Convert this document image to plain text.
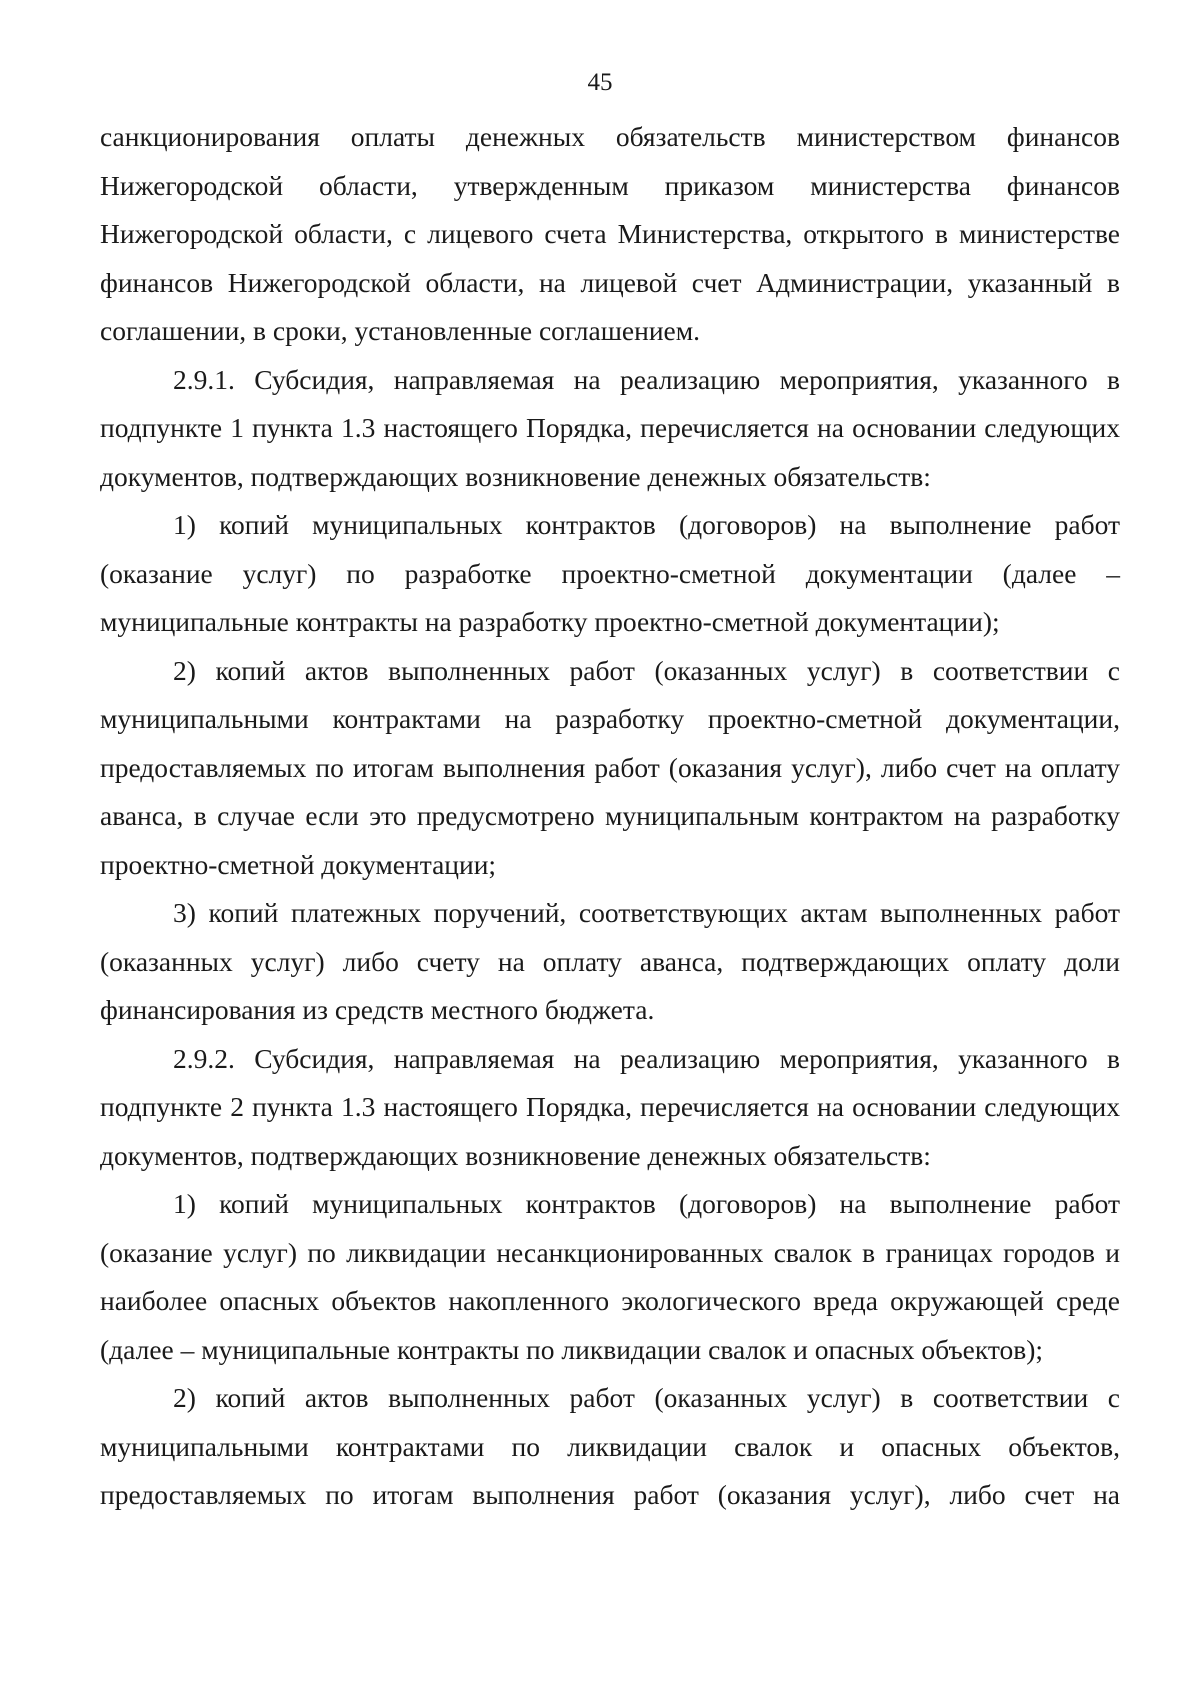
45

санкционирования оплаты денежных обязательств министерством финансов Нижегородской области, утвержденным приказом министерства финансов Нижегородской области, с лицевого счета Министерства, открытого в министерстве финансов Нижегородской области, на лицевой счет Администрации, указанный в соглашении, в сроки, установленные соглашением.

2.9.1. Субсидия, направляемая на реализацию мероприятия, указанного в подпункте 1 пункта 1.3 настоящего Порядка, перечисляется на основании следующих документов, подтверждающих возникновение денежных обязательств:

1) копий муниципальных контрактов (договоров) на выполнение работ (оказание услуг) по разработке проектно-сметной документации (далее – муниципальные контракты на разработку проектно-сметной документации);

2) копий актов выполненных работ (оказанных услуг) в соответствии с муниципальными контрактами на разработку проектно-сметной документации, предоставляемых по итогам выполнения работ (оказания услуг), либо счет на оплату аванса, в случае если это предусмотрено муниципальным контрактом на разработку проектно-сметной документации;

3) копий платежных поручений, соответствующих актам выполненных работ (оказанных услуг) либо счету на оплату аванса, подтверждающих оплату доли финансирования из средств местного бюджета.

2.9.2. Субсидия, направляемая на реализацию мероприятия, указанного в подпункте 2 пункта 1.3 настоящего Порядка, перечисляется на основании следующих документов, подтверждающих возникновение денежных обязательств:

1) копий муниципальных контрактов (договоров) на выполнение работ (оказание услуг) по ликвидации несанкционированных свалок в границах городов и наиболее опасных объектов накопленного экологического вреда окружающей среде (далее – муниципальные контракты по ликвидации свалок и опасных объектов);

2) копий актов выполненных работ (оказанных услуг) в соответствии с муниципальными контрактами по ликвидации свалок и опасных объектов, предоставляемых по итогам выполнения работ (оказания услуг), либо счет на
